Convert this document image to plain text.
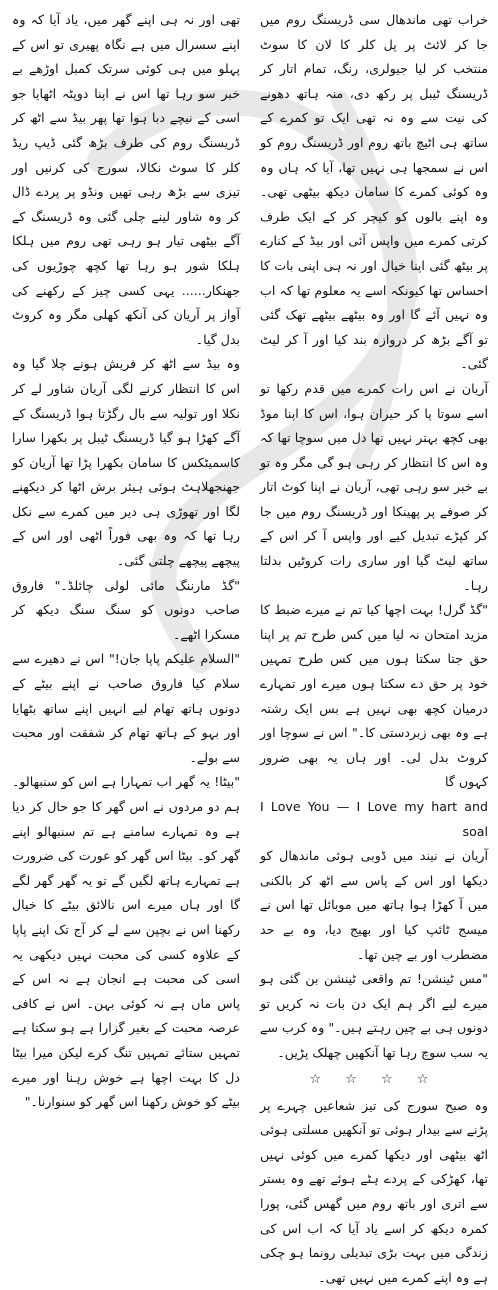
خراب تھی ماندھال سی ڈریسنگ روم میں جا کر لائٹ پر پل کلر کا لان کا سوٹ منتخب کر لیا جیولری، رنگ، تمام اتار کر ڈریسنگ ٹیبل پر رکھ دی، منہ ہاتھ دھونے کی نیت سے وہ نہ تھی ایک تو کمرے کے ساتھ ہی اٹیچ باتھ روم اور ڈریسنگ روم کو اس نے سمجھا ہی نہیں تھا، آیا کہ ہاں وہ وہ کوئی کمرے کا سامان دیکھ بیٹھی تھی۔ وہ اپنے بالوں کو کیچر کر کے ایک طرف کرتی کمرے میں واپس آئی اور بیڈ کے کنارے پر بیٹھ گئی اپنا خیال اور نہ ہی اپنی بات کا احساس تھا کیونکہ اسے یہ معلوم تھا کہ اب وہ نہیں آئے گا اور وہ بیٹھے بیٹھے تھک گئی تو آگے بڑھ کر دروازہ بند کیا اور آ کر لیٹ گئی۔

آریان نے اس رات کمرے میں قدم رکھا تو اسے سوتا پا کر حیران ہوا، اس کا اپنا موڈ بھی کچھ بہتر نہیں تھا دل میں سوچا تھا کہ وہ اس کا انتظار کر رہی ہو گی مگر وہ تو بے خبر سو رہی تھی، آریان نے اپنا کوٹ اتار کر صوفے پر پھینکا اور ڈریسنگ روم میں جا کر کپڑے تبدیل کیے اور واپس آ کر اس کے ساتھ لیٹ گیا اور ساری رات کروٹیں بدلتا رہا۔

"گڈ گرل! بہت اچھا کیا تم نے میرے ضبط کا مزید امتحان نہ لیا میں کس طرح تم پر اپنا حق جتا سکتا ہوں میں کس طرح تمہیں خود پر حق دے سکتا ہوں میرے اور تمہارے درمیان کچھ بھی نہیں ہے بس ایک رشتہ ہے وہ بھی زبردستی کا۔" اس نے سوچا اور کروٹ بدل لی۔ اور ہاں یہ بھی ضرور کہوں گا

I Love You — I Love my hart and soal

آریان نے نیند میں ڈوبی ہوئی ماندھال کو دیکھا اور اس کے پاس سے اٹھ کر بالکنی میں آ کھڑا ہوا ہاتھ میں موبائل تھا اس نے میسج ٹائپ کیا اور بھیج دیا، وہ بے حد مضطرب اور بے چین تھا۔

"مس ٹینشن! تم واقعی ٹینشن بن گئی ہو میرے لیے اگر ہم ایک دن بات نہ کریں تو دونوں ہی بے چین رہتے ہیں۔" وہ کرب سے یہ سب سوچ رہا تھا آنکھیں چھلک پڑیں۔

☆ ☆ ☆ ☆

وہ صبح سورج کی تیز شعاعیں چہرے پر پڑنے سے بیدار ہوئی تو آنکھیں مسلتی ہوئی اٹھ بیٹھی اور دیکھا کمرے میں کوئی نہیں تھا، کھڑکی کے پردے ہٹے ہوئے تھے وہ بستر سے اتری اور باتھ روم میں گھس گئی، پورا کمرہ دیکھ کر اسے یاد آیا کہ اب اس کی زندگی میں بہت بڑی تبدیلی رونما ہو چکی ہے وہ اپنے کمرے میں نہیں تھی۔

تھی اور نہ ہی اپنے گھر میں، یاد آیا کہ وہ اپنے سسرال میں ہے نگاہ پھیری تو اس کے پہلو میں ہی کوئی سرتک کمبل اوڑھے بے خبر سو رہا تھا اس نے اپنا دوپٹہ اٹھایا جو اسی کے نیچے دبا ہوا تھا پھر بیڈ سے اٹھ کر ڈریسنگ روم کی طرف بڑھ گئی ڈیپ ریڈ کلر کا سوٹ نکالا، سورج کی کرنیں اور تیزی سے بڑھ رہی تھیں ونڈو پر پردے ڈال کر وہ شاور لینے چلی گئی وہ ڈریسنگ کے آگے بیٹھی تیار ہو رہی تھی روم میں ہلکا ہلکا شور ہو رہا تھا کچھ چوڑیوں کی جھنکار...... یہی کسی چیز کے رکھنے کی آواز پر آریان کی آنکھ کھلی مگر وہ کروٹ بدل گیا۔

وہ بیڈ سے اٹھ کر فریش ہونے چلا گیا وہ اس کا انتظار کرنے لگی آریان شاور لے کر نکلا اور تولیہ سے بال رگڑتا ہوا ڈریسنگ کے آگے کھڑا ہو گیا ڈریسنگ ٹیبل پر بکھرا سارا کاسمیٹکس کا سامان بکھرا پڑا تھا آریان کو جھنجھلاہٹ ہوئی ہیئر برش اٹھا کر دیکھنے لگا اور تھوڑی ہی دیر میں کمرے سے نکل رہا تھا کہ وہ بھی فوراً اٹھی اور اس کے پیچھے پیچھے چلتی گئی۔

"گڈ مارننگ مائی لولی چائلڈ۔" فاروق صاحب دونوں کو سنگ سنگ دیکھ کر مسکرا اٹھے۔

"السلام علیکم پاپا جان!" اس نے دھیرے سے سلام کیا فاروق صاحب نے اپنے بیٹے کے دونوں ہاتھ تھام لیے انہیں اپنے ساتھ بٹھایا اور بہو کے ہاتھ تھام کر شفقت اور محبت سے بولے۔

"بیٹا! یہ گھر اب تمہارا ہے اس کو سنبھالو۔ ہم دو مردوں نے اس گھر کا جو حال کر دیا ہے وہ تمہارے سامنے ہے تم سنبھالو اپنے گھر کو۔ بیٹا اس گھر کو عورت کی ضرورت ہے تمہارے ہاتھ لگیں گے تو یہ گھر گھر لگے گا اور ہاں میرے اس نالائق بیٹے کا خیال رکھنا اس نے بچپن سے لے کر آج تک اپنے پاپا کے علاوہ کسی کی محبت نہیں دیکھی یہ اسی کی محبت ہے انجان ہے نہ اس کے پاس ماں ہے نہ کوئی بہن۔ اس نے کافی عرصہ محبت کے بغیر گزارا ہے ہو سکتا ہے تمہیں ستائے تمہیں تنگ کرے لیکن میرا بیٹا دل کا بہت اچھا ہے خوش رہنا اور میرے بیٹے کو خوش رکھنا اس گھر کو سنوارنا۔"
